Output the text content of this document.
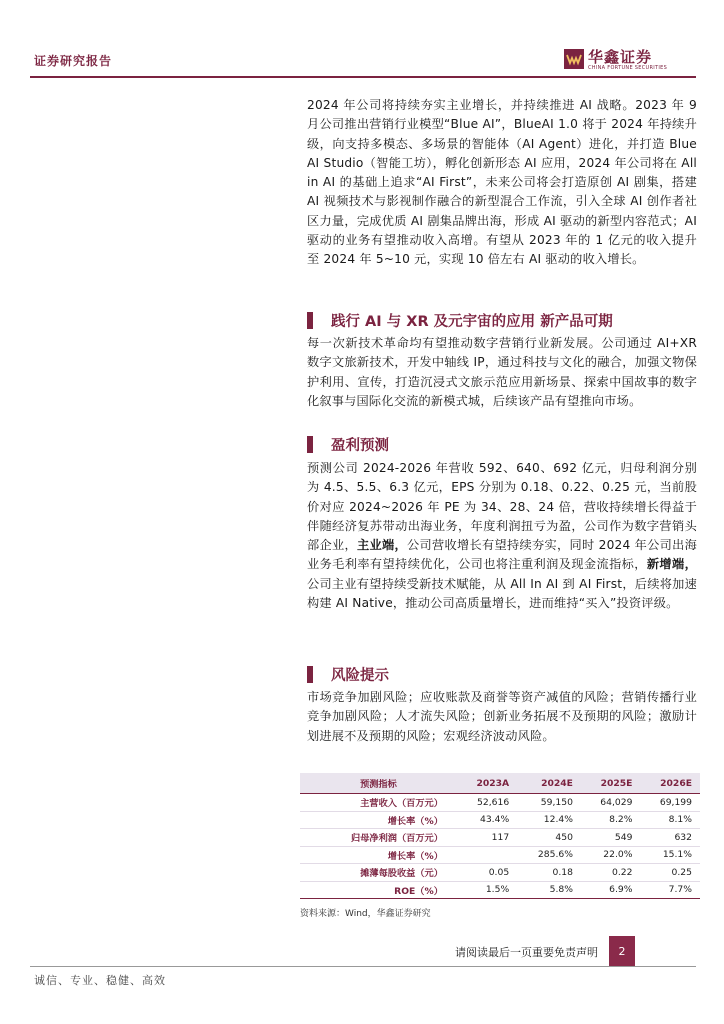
证券研究报告	华鑫证券
CHINA FORTUNE SECURITIES

2024 年公司将持续夯实主业增长，并持续推进 AI 战略。2023 年 9 月公司推出营销行业模型“Blue AI”，BlueAI 1.0 将于 2024 年持续升级，向支持多模态、多场景的智能体（AI Agent）进化，并打造 Blue AI Studio（智能工坊），孵化创新形态 AI 应用，2024 年公司将在 All in AI 的基础上追求“AI First”，未来公司将会打造原创 AI 剧集，搭建 AI 视频技术与影视制作融合的新型混合工作流，引入全球 AI 创作者社区力量，完成优质 AI 剧集品牌出海，形成 AI 驱动的新型内容范式；AI 驱动的业务有望推动收入高增。有望从 2023 年的 1 亿元的收入提升至 2024 年 5~10 元，实现 10 倍左右 AI 驱动的收入增长。

践行 AI 与 XR 及元宇宙的应用 新产品可期

每一次新技术革命均有望推动数字营销行业新发展。公司通过 AI+XR 数字文旅新技术，开发中轴线 IP，通过科技与文化的融合，加强文物保护利用、宣传，打造沉浸式文旅示范应用新场景、探索中国故事的数字化叙事与国际化交流的新模式城，后续该产品有望推向市场。

盈利预测

预测公司 2024-2026 年营收 592、640、692 亿元，归母利润分别为 4.5、5.5、6.3 亿元，EPS 分别为 0.18、0.22、0.25 元，当前股价对应 2024~2026 年 PE 为 34、28、24 倍，营收持续增长得益于伴随经济复苏带动出海业务，年度利润扭亏为盈，公司作为数字营销头部企业，主业端，公司营收增长有望持续夯实，同时 2024 年公司出海业务毛利率有望持续优化，公司也将注重利润及现金流指标，新增端，公司主业有望持续受新技术赋能，从 All In AI 到 AI First，后续将加速构建 AI Native，推动公司高质量增长，进而维持“买入”投资评级。

风险提示

市场竞争加剧风险；应收账款及商誉等资产减值的风险；营销传播行业竞争加剧风险；人才流失风险；创新业务拓展不及预期的风险；激励计划进展不及预期的风险；宏观经济波动风险。

预测指标	2023A	2024E	2025E	2026E
主营收入（百万元）	52,616	59,150	64,029	69,199
增长率（%）	43.4%	12.4%	8.2%	8.1%
归母净利润（百万元）	117	450	549	632
增长率（%）		285.6%	22.0%	15.1%
摊薄每股收益（元）	0.05	0.18	0.22	0.25
ROE（%）	1.5%	5.8%	6.9%	7.7%
资料来源：Wind，华鑫证券研究
请阅读最后一页重要免责声明	2
诚信、专业、稳健、高效
